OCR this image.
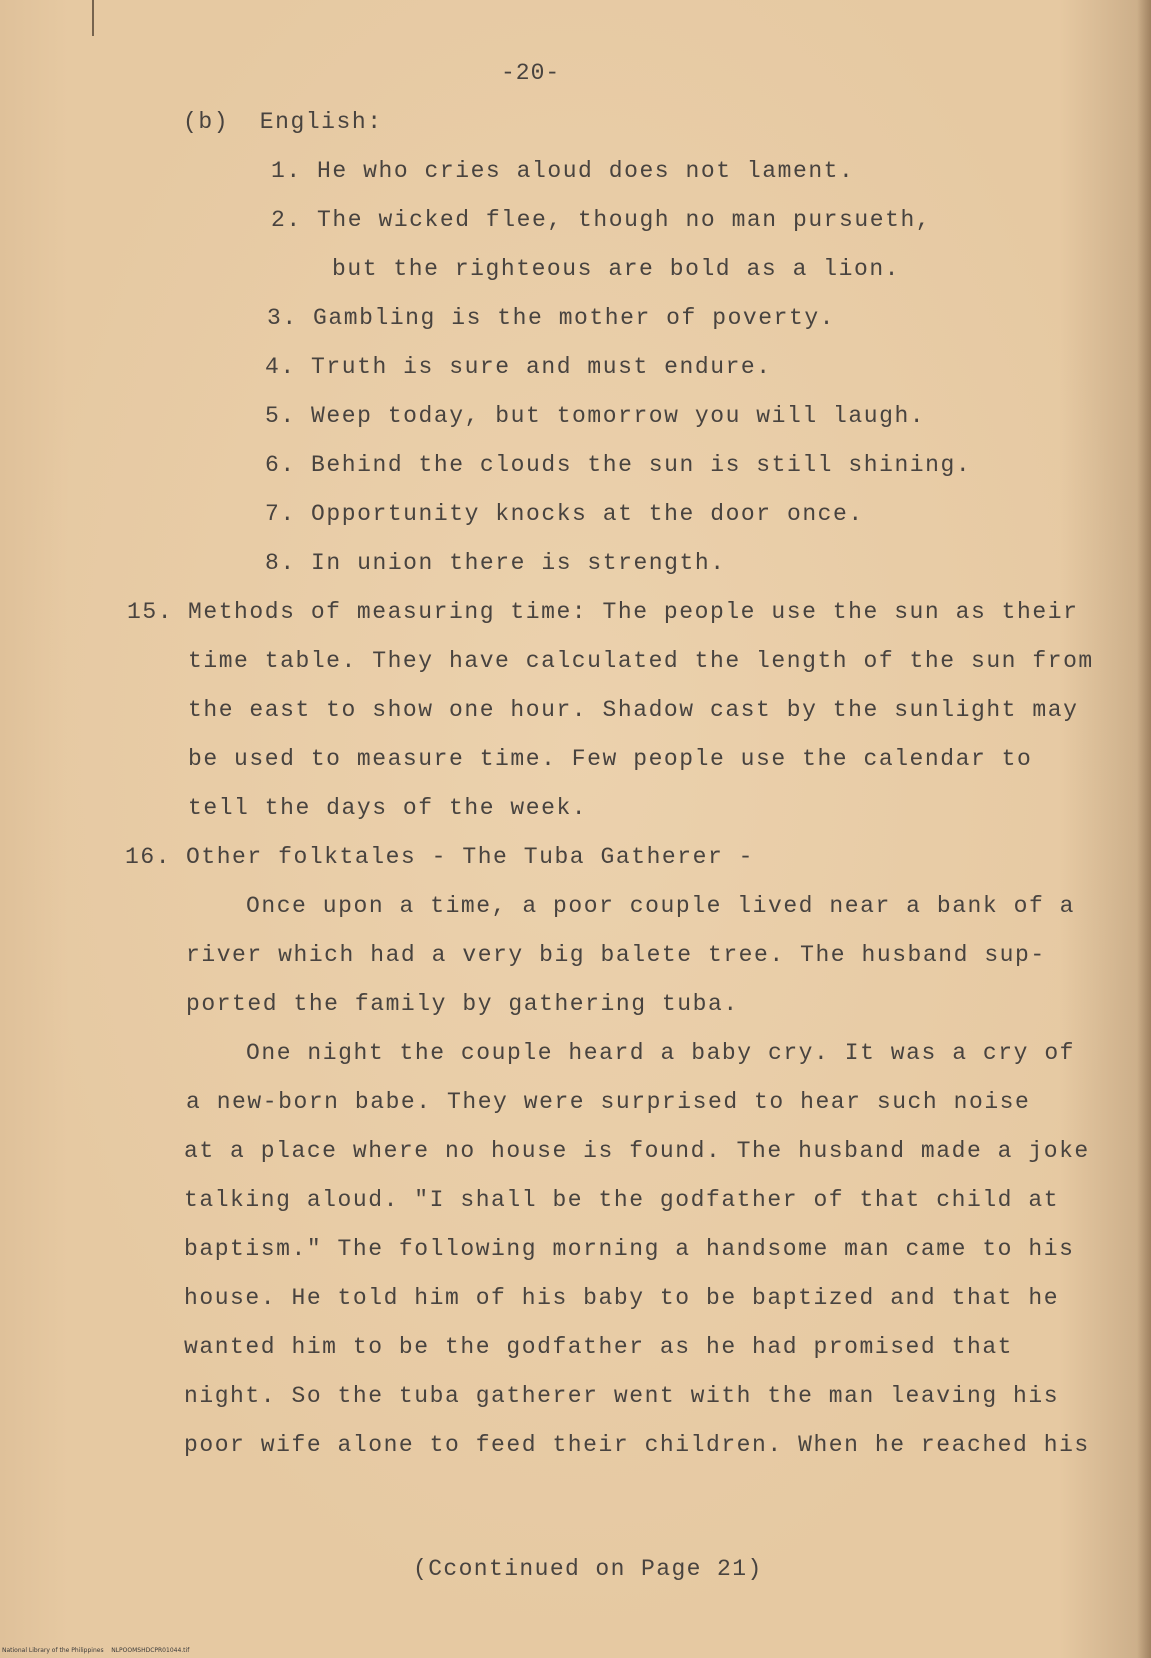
-20-
(b)  English:
1. He who cries aloud does not lament.
2. The wicked flee, though no man pursueth,
but the righteous are bold as a lion.
3. Gambling is the mother of poverty.
4. Truth is sure and must endure.
5. Weep today, but tomorrow you will laugh.
6. Behind the clouds the sun is still shining.
7. Opportunity knocks at the door once.
8. In union there is strength.
15. Methods of measuring time: The people use the sun as their
time table. They have calculated the length of the sun from
the east to show one hour. Shadow cast by the sunlight may
be used to measure time. Few people use the calendar to
tell the days of the week.
16. Other folktales - The Tuba Gatherer -
Once upon a time, a poor couple lived near a bank of a
river which had a very big balete tree. The husband sup-
ported the family by gathering tuba.
One night the couple heard a baby cry. It was a cry of
a new-born babe. They were surprised to hear such noise
at a place where no house is found. The husband made a joke
talking aloud. "I shall be the godfather of that child at
baptism." The following morning a handsome man came to his
house. He told him of his baby to be baptized and that he
wanted him to be the godfather as he had promised that
night. So the tuba gatherer went with the man leaving his
poor wife alone to feed their children. When he reached his
(Ccontinued on Page 21)
National Library of the Philippines    NLPOOMSHDCPR01044.tif
